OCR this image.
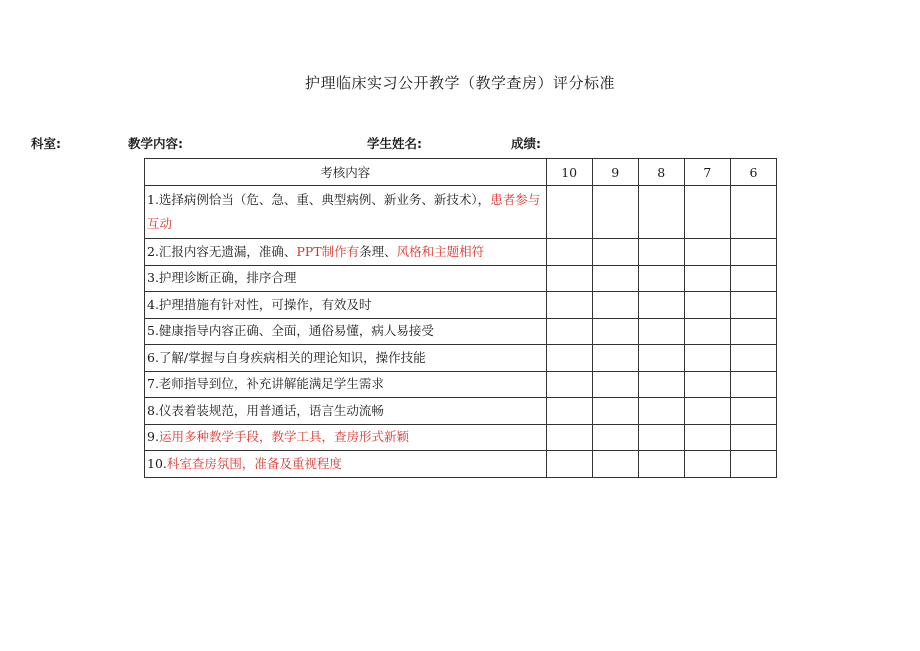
护理临床实习公开教学（教学查房）评分标准
科室:	教学内容:	学生姓名:	成绩:
考核内容	10	9	8	7	6
1.选择病例恰当（危、急、重、典型病例、新业务、新技术），患者参与互动					
2.汇报内容无遗漏，准确、PPT制作有条理、风格和主题相符					
3.护理诊断正确，排序合理					
4.护理措施有针对性，可操作，有效及时					
5.健康指导内容正确、全面，通俗易懂，病人易接受					
6.了解/掌握与自身疾病相关的理论知识，操作技能					
7.老师指导到位，补充讲解能满足学生需求					
8.仪表着装规范，用普通话，语言生动流畅					
9.运用多种教学手段，教学工具，查房形式新颖					
10.科室查房氛围，准备及重视程度					
